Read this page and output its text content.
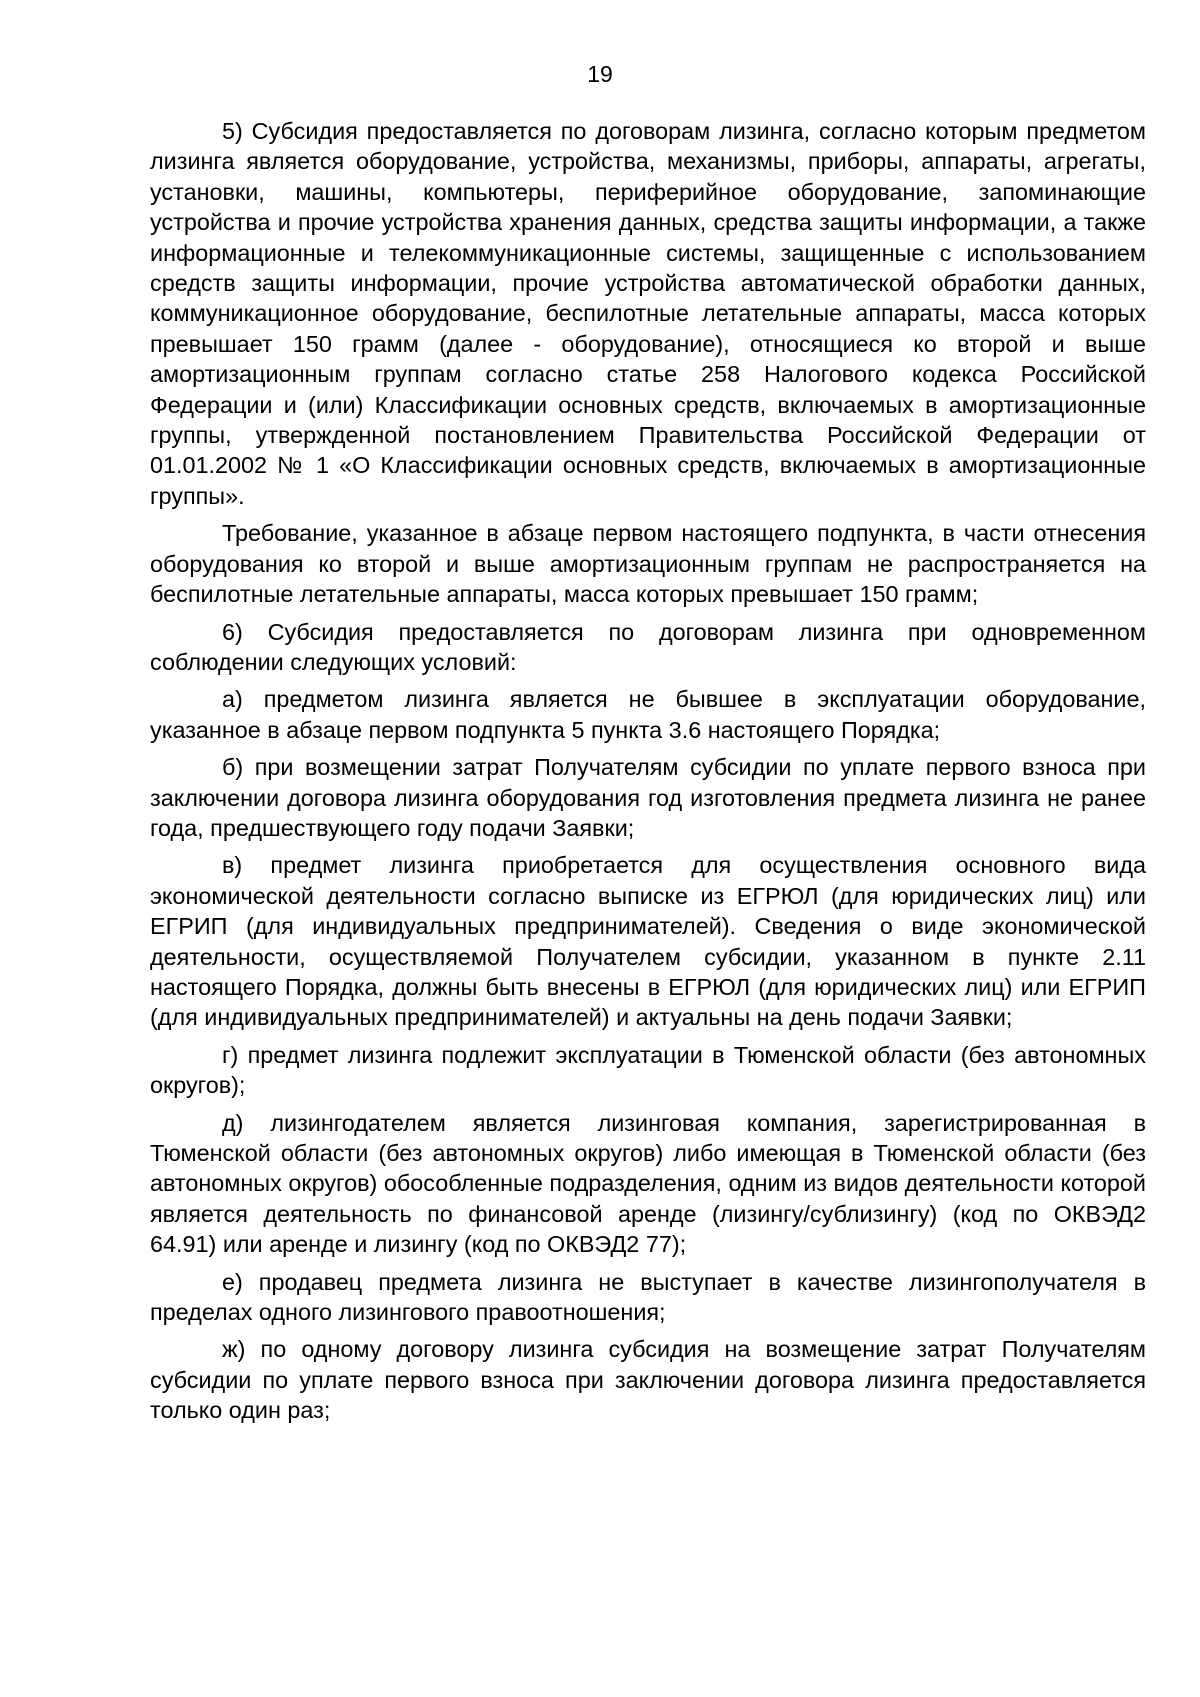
19

5) Субсидия предоставляется по договорам лизинга, согласно которым предметом лизинга является оборудование, устройства, механизмы, приборы, аппараты, агрегаты, установки, машины, компьютеры, периферийное оборудование, запоминающие устройства и прочие устройства хранения данных, средства защиты информации, а также информационные и телекоммуникационные системы, защищенные с использованием средств защиты информации, прочие устройства автоматической обработки данных, коммуникационное оборудование, беспилотные летательные аппараты, масса которых превышает 150 грамм (далее - оборудование), относящиеся ко второй и выше амортизационным группам согласно статье 258 Налогового кодекса Российской Федерации и (или) Классификации основных средств, включаемых в амортизационные группы, утвержденной постановлением Правительства Российской Федерации от 01.01.2002 № 1 «О Классификации основных средств, включаемых в амортизационные группы».

Требование, указанное в абзаце первом настоящего подпункта, в части отнесения оборудования ко второй и выше амортизационным группам не распространяется на беспилотные летательные аппараты, масса которых превышает 150 грамм;

6) Субсидия предоставляется по договорам лизинга при одновременном соблюдении следующих условий:

а) предметом лизинга является не бывшее в эксплуатации оборудование, указанное в абзаце первом подпункта 5 пункта 3.6 настоящего Порядка;

б) при возмещении затрат Получателям субсидии по уплате первого взноса при заключении договора лизинга оборудования год изготовления предмета лизинга не ранее года, предшествующего году подачи Заявки;

в) предмет лизинга приобретается для осуществления основного вида экономической деятельности согласно выписке из ЕГРЮЛ (для юридических лиц) или ЕГРИП (для индивидуальных предпринимателей). Сведения о виде экономической деятельности, осуществляемой Получателем субсидии, указанном в пункте 2.11 настоящего Порядка, должны быть внесены в ЕГРЮЛ (для юридических лиц) или ЕГРИП (для индивидуальных предпринимателей) и актуальны на день подачи Заявки;

г) предмет лизинга подлежит эксплуатации в Тюменской области (без автономных округов);

д) лизингодателем является лизинговая компания, зарегистрированная в Тюменской области (без автономных округов) либо имеющая в Тюменской области (без автономных округов) обособленные подразделения, одним из видов деятельности которой является деятельность по финансовой аренде (лизингу/сублизингу) (код по ОКВЭД2 64.91) или аренде и лизингу (код по ОКВЭД2 77);

е) продавец предмета лизинга не выступает в качестве лизингополучателя в пределах одного лизингового правоотношения;

ж) по одному договору лизинга субсидия на возмещение затрат Получателям субсидии по уплате первого взноса при заключении договора лизинга предоставляется только один раз;
